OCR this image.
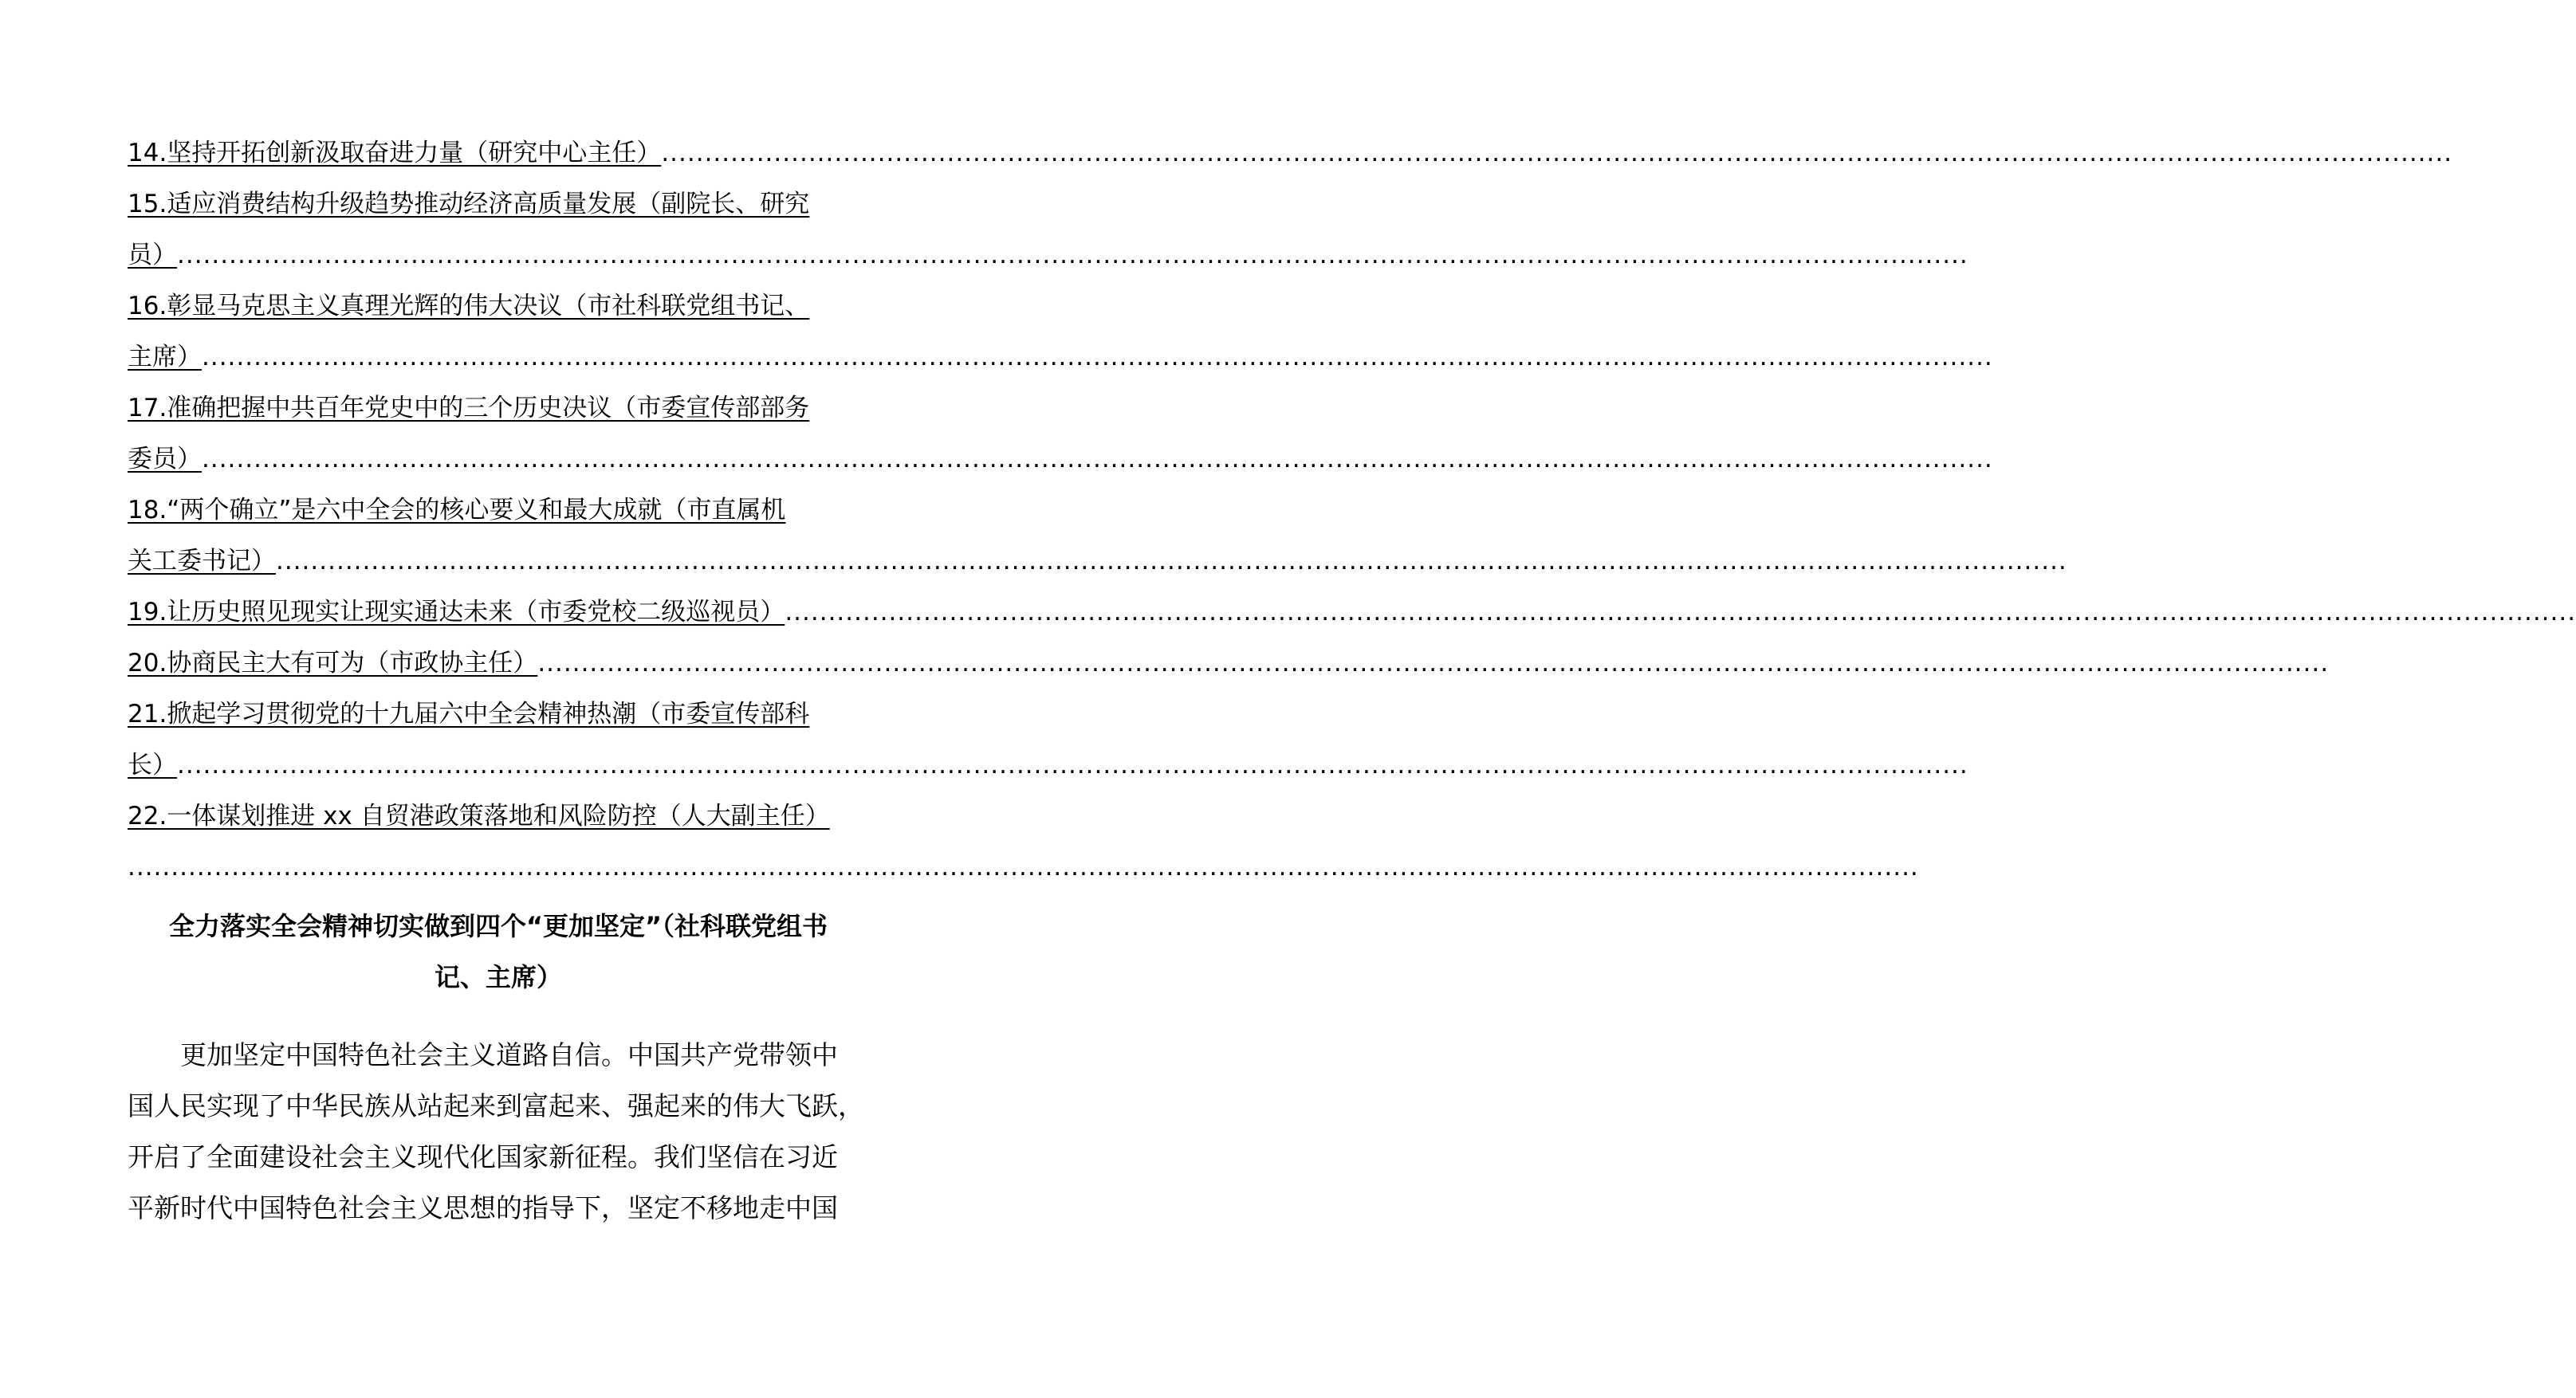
14.坚持开拓创新汲取奋进力量（研究中心主任）...............................................................................................................................................................................................................
15.适应消费结构升级趋势推动经济高质量发展（副院长、研究
员）...............................................................................................................................................................................................................
16.彰显马克思主义真理光辉的伟大决议（市社科联党组书记、
主席）...............................................................................................................................................................................................................
17.准确把握中共百年党史中的三个历史决议（市委宣传部部务
委员）...............................................................................................................................................................................................................
18.“两个确立”是六中全会的核心要义和最大成就（市直属机
关工委书记）...............................................................................................................................................................................................................
19.让历史照见现实让现实通达未来（市委党校二级巡视员）...............................................................................................................................................................................................................
20.协商民主大有可为（市政协主任）...............................................................................................................................................................................................................
21.掀起学习贯彻党的十九届六中全会精神热潮（市委宣传部科
长）...............................................................................................................................................................................................................
22.一体谋划推进 xx 自贸港政策落地和风险防控（人大副主任）
...............................................................................................................................................................................................................
全力落实全会精神切实做到四个“更加坚定”（社科联党组书
记、主席）
更加坚定中国特色社会主义道路自信。中国共产党带领中
国人民实现了中华民族从站起来到富起来、强起来的伟大飞跃，
开启了全面建设社会主义现代化国家新征程。我们坚信在习近
平新时代中国特色社会主义思想的指导下，坚定不移地走中国
